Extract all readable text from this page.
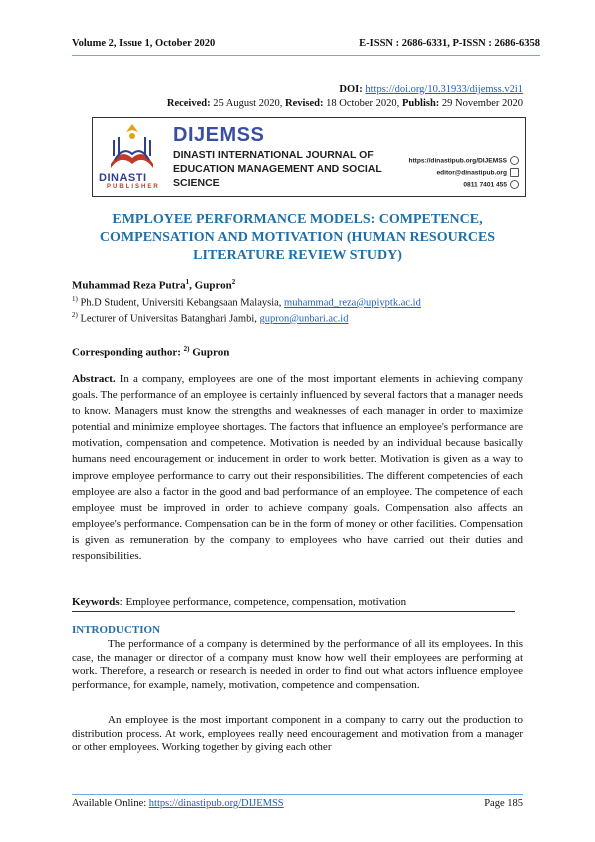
Volume 2, Issue 1, October 2020	E-ISSN : 2686-6331, P-ISSN : 2686-6358
DOI: https://doi.org/10.31933/dijemss.v2i1
Received: 25 August 2020, Revised: 18 October 2020, Publish: 29 November 2020
DINASTI
PUBLISHER
DIJEMSS
DINASTI INTERNATIONAL JOURNAL OF EDUCATION MANAGEMENT AND SOCIAL SCIENCE
https://dinastipub.org/DIJEMSS
editor@dinastipub.org
0811 7401 455
EMPLOYEE PERFORMANCE MODELS: COMPETENCE, COMPENSATION AND MOTIVATION (HUMAN RESOURCES LITERATURE REVIEW STUDY)
Muhammad Reza Putra$^1$, Gupron$^2$
$^{1)}$ Ph.D Student, Universiti Kebangsaan Malaysia, muhammad_reza@upiyptk.ac.id
$^{2)}$ Lecturer of Universitas Batanghari Jambi, gupron@unbari.ac.id
Corresponding author: $^{2)}$ Gupron
Abstract. In a company, employees are one of the most important elements in achieving company goals. The performance of an employee is certainly influenced by several factors that a manager needs to know. Managers must know the strengths and weaknesses of each manager in order to maximize potential and minimize employee shortages. The factors that influence an employee's performance are motivation, compensation and competence. Motivation is needed by an individual because basically humans need encouragement or inducement in order to work better. Motivation is given as a way to improve employee performance to carry out their responsibilities. The different competencies of each employee are also a factor in the good and bad performance of an employee. The competence of each employee must be improved in order to achieve company goals. Compensation also affects an employee's performance. Compensation can be in the form of money or other facilities. Compensation is given as remuneration by the company to employees who have carried out their duties and responsibilities.
Keywords: Employee performance, competence, compensation, motivation
INTRODUCTION
The performance of a company is determined by the performance of all its employees. In this case, the manager or director of a company must know how well their employees are performing at work. Therefore, a research or research is needed in order to find out what actors influence employee performance, for example, namely, motivation, competence and compensation.
An employee is the most important component in a company to carry out the production to distribution process. At work, employees really need encouragement and motivation from a manager or other employees. Working together by giving each other
Available Online: https://dinastipub.org/DIJEMSS	Page 185
